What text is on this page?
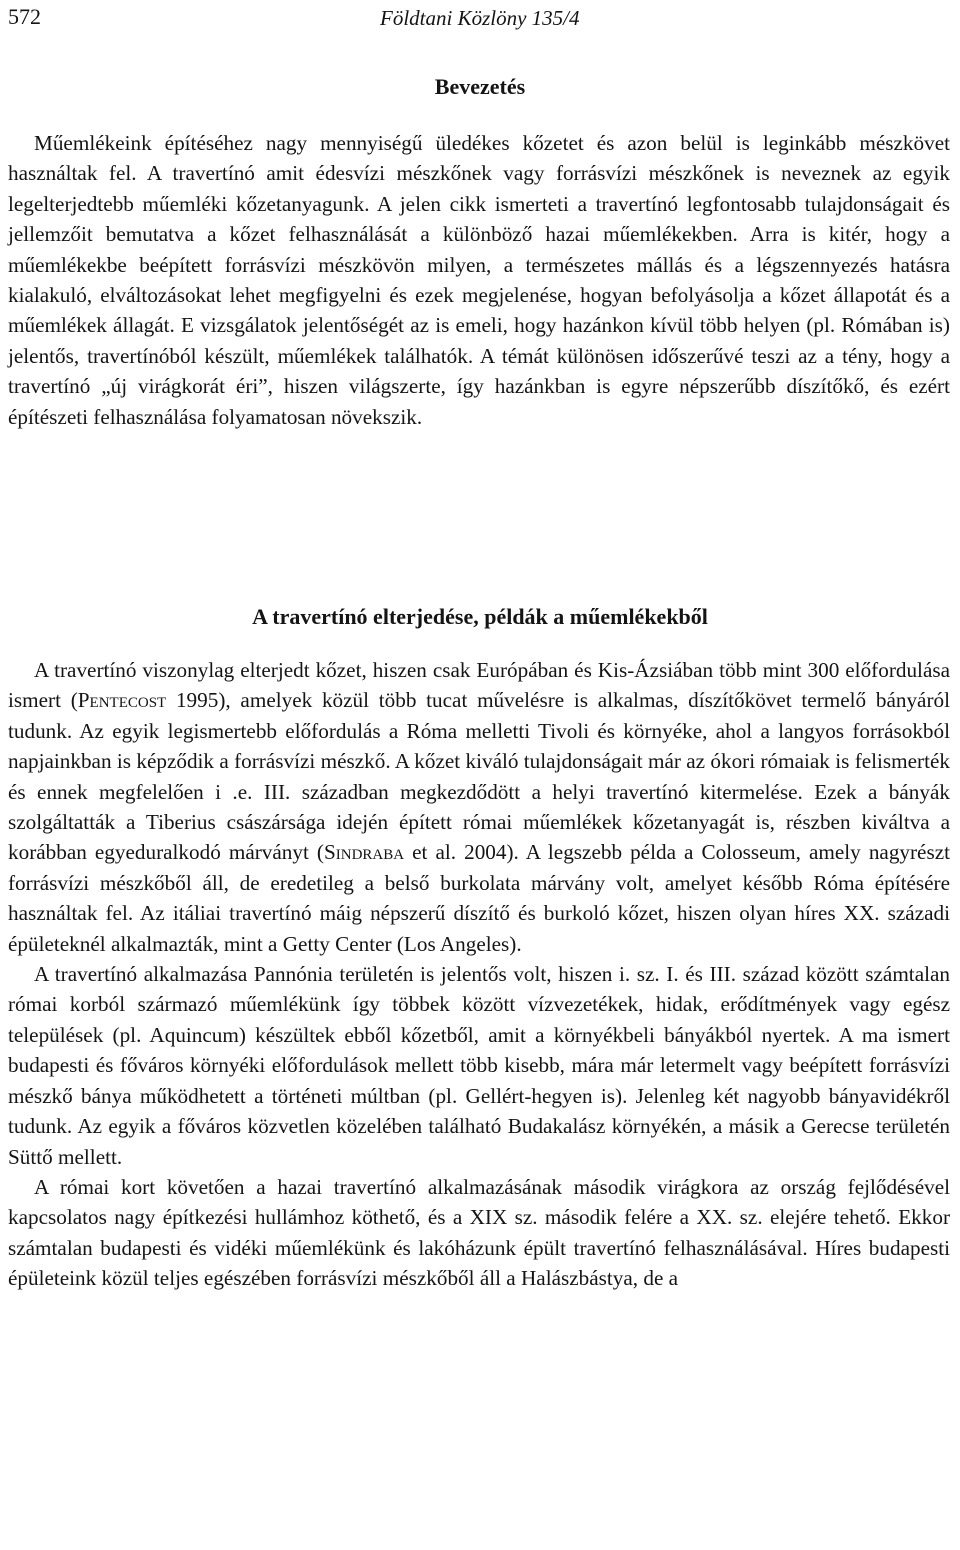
572	Földtani Közlöny 135/4
Bevezetés

Műemlékeink építéséhez nagy mennyiségű üledékes kőzetet és azon belül is leginkább mészkövet használtak fel. A travertínó amit édesvízi mészkőnek vagy forrásvízi mészkőnek is neveznek az egyik legelterjedtebb műemléki kőzetanyagunk. A jelen cikk ismerteti a travertínó legfontosabb tulajdonságait és jellemzőit bemutatva a kőzet felhasználását a különböző hazai műemlékekben. Arra is kitér, hogy a műemlékekbe beépített forrásvízi mészkövön milyen, a természetes mállás és a légszennyezés hatásra kialakuló, elváltozásokat lehet megfigyelni és ezek megjelenése, hogyan befolyásolja a kőzet állapotát és a műemlékek állagát. E vizsgálatok jelentőségét az is emeli, hogy hazánkon kívül több helyen (pl. Rómában is) jelentős, travertínóból készült, műemlékek találhatók. A témát különösen időszerűvé teszi az a tény, hogy a travertínó „új virágkorát éri”, hiszen világszerte, így hazánkban is egyre népszerűbb díszítőkő, és ezért építészeti felhasználása folyamatosan növekszik.

A travertínó elterjedése, példák a műemlékekből

A travertínó viszonylag elterjedt kőzet, hiszen csak Európában és Kis-Ázsiában több mint 300 előfordulása ismert (Pentecost 1995), amelyek közül több tucat művelésre is alkalmas, díszítőkövet termelő bányáról tudunk. Az egyik legismertebb előfordulás a Róma melletti Tivoli és környéke, ahol a langyos forrásokból napjainkban is képződik a forrásvízi mészkő. A kőzet kiváló tulajdonságait már az ókori rómaiak is felismerték és ennek megfelelően i .e. III. században megkezdődött a helyi travertínó kitermelése. Ezek a bányák szolgáltatták a Tiberius császársága idején épített római műemlékek kőzetanyagát is, részben kiváltva a korábban egyeduralkodó márványt (Sindraba et al. 2004). A legszebb példa a Colosseum, amely nagyrészt forrásvízi mészkőből áll, de eredetileg a belső burkolata márvány volt, amelyet később Róma építésére használtak fel. Az itáliai travertínó máig népszerű díszítő és burkoló kőzet, hiszen olyan híres XX. századi épületeknél alkalmazták, mint a Getty Center (Los Angeles).

A travertínó alkalmazása Pannónia területén is jelentős volt, hiszen i. sz. I. és III. század között számtalan római korból származó műemlékünk így többek között vízvezetékek, hidak, erődítmények vagy egész települések (pl. Aquincum) készültek ebből kőzetből, amit a környékbeli bányákból nyertek. A ma ismert budapesti és főváros környéki előfordulások mellett több kisebb, mára már letermelt vagy beépített forrásvízi mészkő bánya működhetett a történeti múltban (pl. Gellért-hegyen is). Jelenleg két nagyobb bányavidékről tudunk. Az egyik a főváros közvetlen közelében található Budakalász környékén, a másik a Gerecse területén Süttő mellett.

A római kort követően a hazai travertínó alkalmazásának második virágkora az ország fejlődésével kapcsolatos nagy építkezési hullámhoz köthető, és a XIX sz. második felére a XX. sz. elejére tehető. Ekkor számtalan budapesti és vidéki műemlékünk és lakóházunk épült travertínó felhasználásával. Híres budapesti épületeink közül teljes egészében forrásvízi mészkőből áll a Halászbástya, de a
